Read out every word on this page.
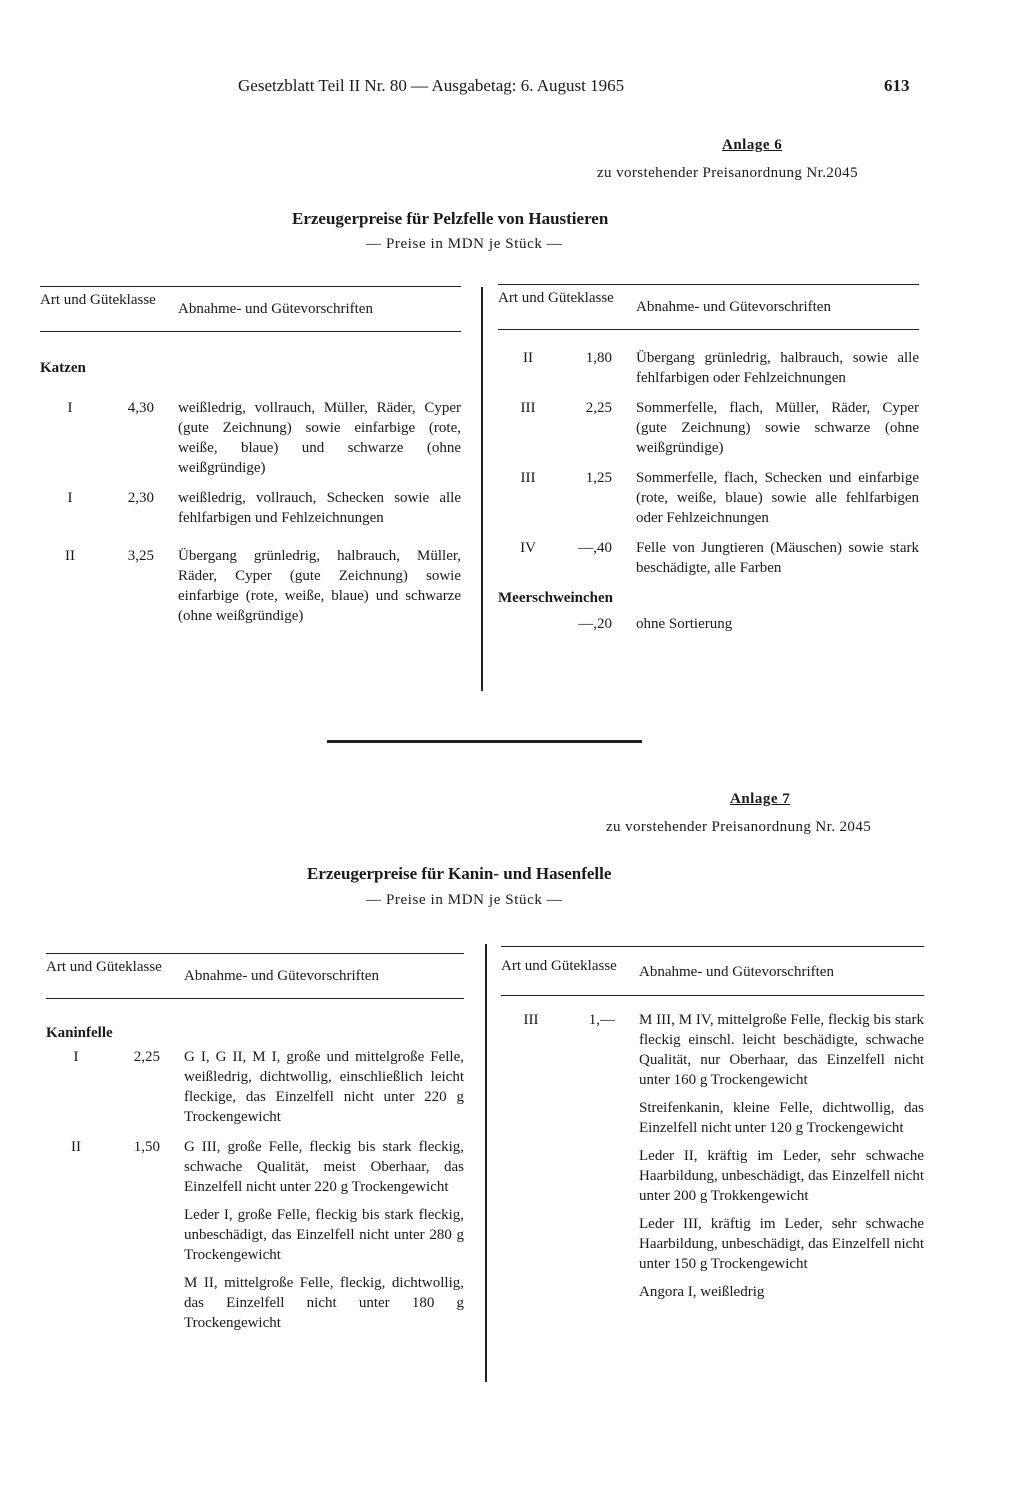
Gesetzblatt Teil II Nr. 80 — Ausgabetag: 6. August 1965	613
Anlage 6
zu vorstehender Preisanordnung Nr.2045
Erzeugerpreise für Pelzfelle von Haustieren
— Preise in MDN je Stück —
Art und Güteklasse
Abnahme- und Gütevorschriften
Katzen
I	4,30 weißledrig, vollrauch, Müller, Räder, Cyper (gute Zeichnung) sowie einfarbige (rote, weiße, blaue) und schwarze (ohne weißgründige)
I	2,30 weißledrig, vollrauch, Schecken sowie alle fehlfarbigen und Fehlzeichnungen
II	3,25 Übergang grünledrig, halbrauch, Müller, Räder, Cyper (gute Zeichnung) sowie einfarbige (rote, weiße, blaue) und schwarze (ohne weißgründige)
Art und Güteklasse
Abnahme- und Gütevorschriften
II	1,80 Übergang grünledrig, halbrauch, sowie alle fehlfarbigen oder Fehlzeichnungen
III	2,25 Sommerfelle, flach, Müller, Räder, Cyper (gute Zeichnung) sowie schwarze (ohne weißgründige)
III	1,25 Sommerfelle, flach, Schecken und einfarbige (rote, weiße, blaue) sowie alle fehlfarbigen oder Fehlzeichnungen
IV	—,40 Felle von Jungtieren (Mäuschen) sowie stark beschädigte, alle Farben
Meerschweinchen
—,20 ohne Sortierung
Anlage 7
zu vorstehender Preisanordnung Nr. 2045
Erzeugerpreise für Kanin- und Hasenfelle
— Preise in MDN je Stück —
Art und Güteklasse
Abnahme- und Gütevorschriften
Kaninfelle
I	2,25 G I, G II, M I, große und mittelgroße Felle, weißledrig, dichtwollig, einschließlich leicht fleckige, das Einzelfell nicht unter 220 g Trockengewicht

II	1,50 G III, große Felle, fleckig bis stark fleckig, schwache Qualität, meist Oberhaar, das Einzelfell nicht unter 220 g Trockengewicht

Leder I, große Felle, fleckig bis stark fleckig, unbeschädigt, das Einzelfell nicht unter 280 g Trockengewicht

M II, mittelgroße Felle, fleckig, dichtwollig, das Einzelfell nicht unter 180 g Trockengewicht

Art und Güteklasse Abnahme- und Gütevorschriften
III	1,— M III, M IV, mittelgroße Felle, fleckig bis stark fleckig einschl. leicht beschädigte, schwache Qualität, nur Oberhaar, das Einzelfell nicht unter 160 g Trockengewicht

Streifenkanin, kleine Felle, dichtwollig, das Einzelfell nicht unter 120 g Trockengewicht

Leder II, kräftig im Leder, sehr schwache Haarbildung, unbeschädigt, das Einzelfell nicht unter 200 g Trokkengewicht

Leder III, kräftig im Leder, sehr schwache Haarbildung, unbeschädigt, das Einzelfell nicht unter 150 g Trockengewicht

Angora I, weißledrig
